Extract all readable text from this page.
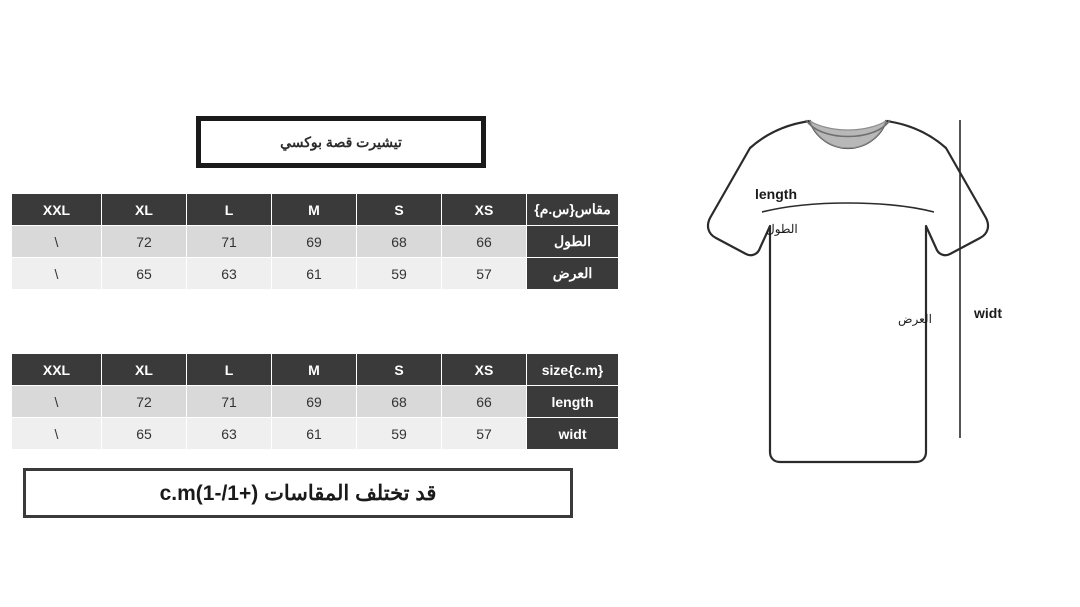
تيشيرت قصة بوكسي
XXL	XL	L	M	S	XS	مقاس{س.م}
\	72	71	69	68	66	الطول
\	65	63	61	59	57	العرض
XXL	XL	L	M	S	XS	size{c.m}
\	72	71	69	68	66	length
\	65	63	61	59	57	widt
قد تختلف المقاسات (+1/-1)c.m
length
الطول
العرض	widt
